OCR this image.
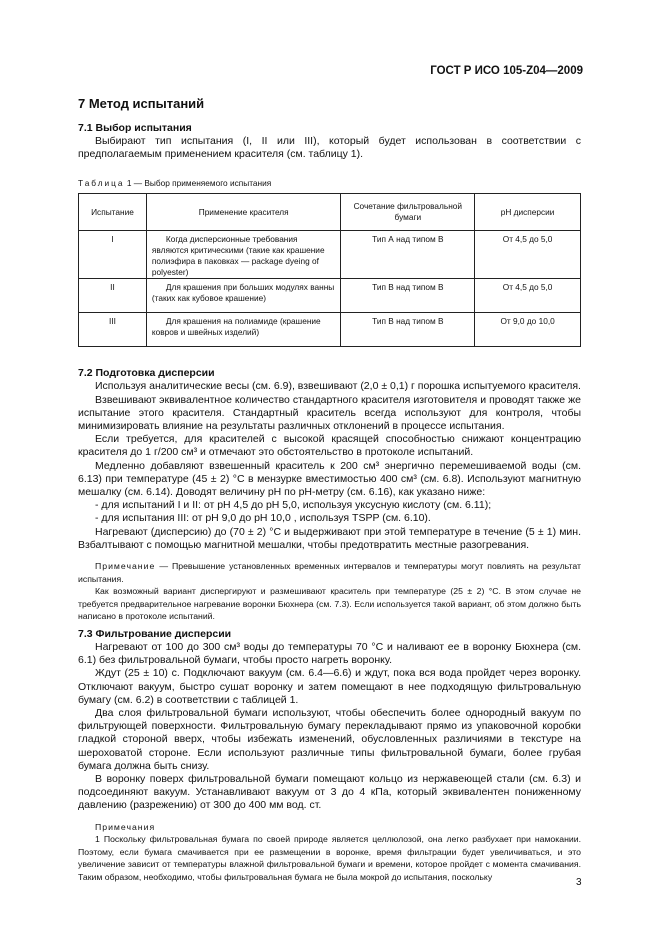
ГОСТ Р ИСО 105-Z04—2009
7 Метод испытаний
7.1 Выбор испытания

Выбирают тип испытания (I, II или III), который будет использован в соответствии с предполагаемым применением красителя (см. таблицу 1).

Таблица 1 — Выбор применяемого испытания
Испытание	Применение красителя	Сочетание фильтровальной бумаги	pH дисперсии
I	Когда дисперсионные требования являются критическими (такие как крашение полиэфира в паковках — package dyeing of polyester)	Тип А над типом В	От 4,5 до 5,0
II	Для крашения при больших модулях ванны (таких как кубовое крашение)	Тип В над типом В	От 4,5 до 5,0
III	Для крашения на полиамиде (крашение ковров и швейных изделий)	Тип В над типом В	От 9,0 до 10,0
7.2 Подготовка дисперсии

Используя аналитические весы (см. 6.9), взвешивают (2,0 ± 0,1) г порошка испытуемого красителя.

Взвешивают эквивалентное количество стандартного красителя изготовителя и проводят также же испытание этого красителя. Стандартный краситель всегда используют для контроля, чтобы минимизировать влияние на результаты различных отклонений в процессе испытания.

Если требуется, для красителей с высокой красящей способностью снижают концентрацию красителя до 1 г/200 см³ и отмечают это обстоятельство в протоколе испытаний.

Медленно добавляют взвешенный краситель к 200 см³ энергично перемешиваемой воды (см. 6.13) при температуре (45 ± 2) °С в мензурке вместимостью 400 см³ (см. 6.8). Используют магнитную мешалку (см. 6.14). Доводят величину pH по pH-метру (см. 6.16), как указано ниже:

- для испытаний I и II: от pH 4,5 до pH 5,0, используя уксусную кислоту (см. 6.11);

- для испытания III: от pH 9,0 до pH 10,0 , используя TSPP (см. 6.10).

Нагревают (дисперсию) до (70 ± 2) °С и выдерживают при этой температуре в течение (5 ± 1) мин. Взбалтывают с помощью магнитной мешалки, чтобы предотвратить местные разогревания.

Примечание — Превышение установленных временных интервалов и температуры могут повлиять на результат испытания.

Как возможный вариант диспергируют и размешивают краситель при температуре (25 ± 2) °С. В этом случае не требуется предварительное нагревание воронки Бюхнера (см. 7.3). Если используется такой вариант, об этом должно быть написано в протоколе испытаний.

7.3 Фильтрование дисперсии

Нагревают от 100 до 300 см³ воды до температуры 70 °С и наливают ее в воронку Бюхнера (см. 6.1) без фильтровальной бумаги, чтобы просто нагреть воронку.

Ждут (25 ± 10) с. Подключают вакуум (см. 6.4—6.6) и ждут, пока вся вода пройдет через воронку. Отключают вакуум, быстро сушат воронку и затем помещают в нее подходящую фильтровальную бумагу (см. 6.2) в соответствии с таблицей 1.

Два слоя фильтровальной бумаги используют, чтобы обеспечить более однородный вакуум по фильтрующей поверхности. Фильтровальную бумагу перекладывают прямо из упаковочной коробки гладкой стороной вверх, чтобы избежать изменений, обусловленных различиями в текстуре на шероховатой стороне. Если используют различные типы фильтровальной бумаги, более грубая бумага должна быть снизу.

В воронку поверх фильтровальной бумаги помещают кольцо из нержавеющей стали (см. 6.3) и подсоединяют вакуум. Устанавливают вакуум от 3 до 4 кПа, который эквивалентен пониженному давлению (разрежению) от 300 до 400 мм вод. ст.

Примечания

1 Поскольку фильтровальная бумага по своей природе является целлюлозой, она легко разбухает при намокании. Поэтому, если бумага смачивается при ее размещении в воронке, время фильтрации будет увеличиваться, и это увеличение зависит от температуры влажной фильтровальной бумаги и времени, которое пройдет с момента смачивания. Таким образом, необходимо, чтобы фильтровальная бумага не была мокрой до испытания, поскольку	3
